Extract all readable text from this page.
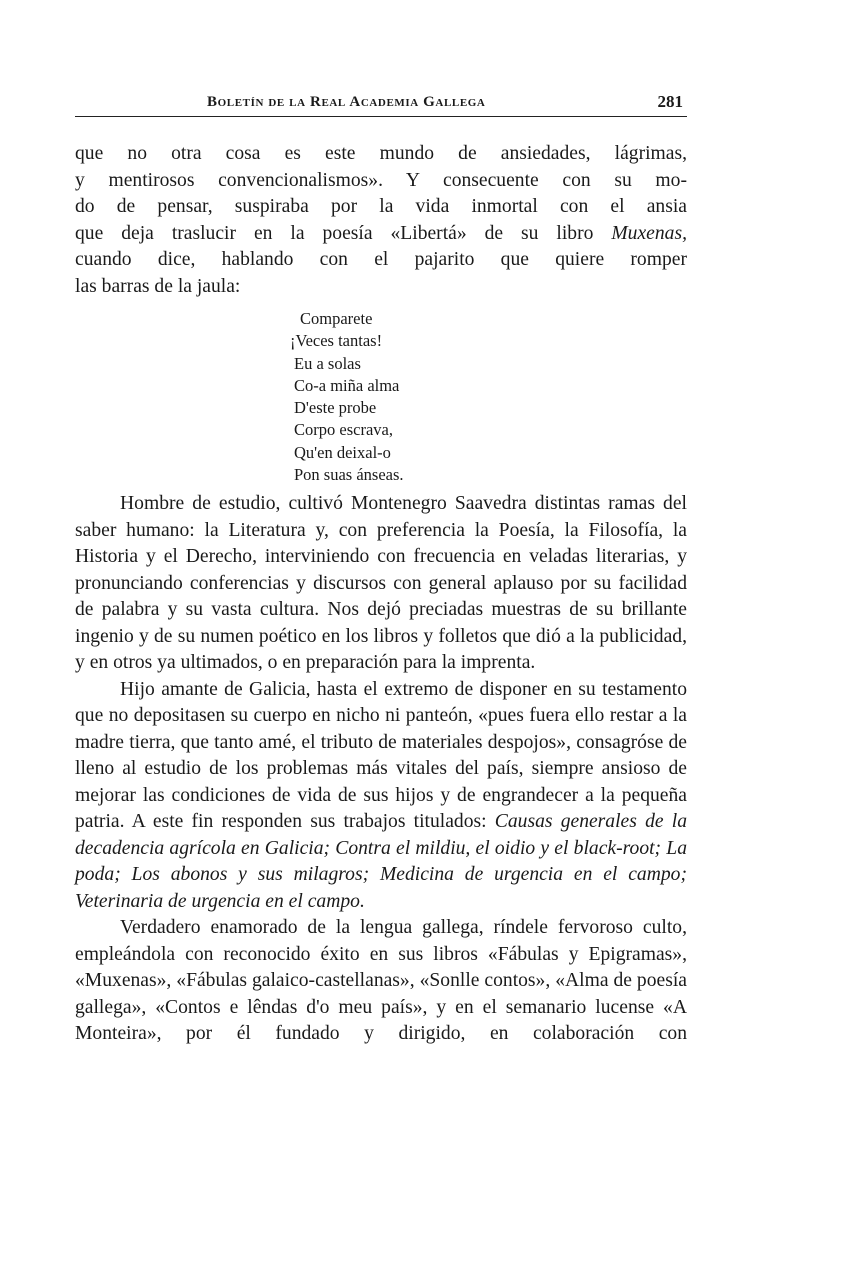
Boletín de la Real Academia Gallega	281

que no otra cosa es este mundo de ansiedades, lágrimas,

y mentirosos convencionalismos». Y consecuente con su mo-

do de pensar, suspiraba por la vida inmortal con el ansia

que deja traslucir en la poesía «Libertá» de su libro Muxenas,

cuando dice, hablando con el pajarito que quiere romper

las barras de la jaula:

Comparete

¡Veces tantas!

Eu a solas

Co-a miña alma

D'este probe

Corpo escrava,

Qu'en deixal-o

Pon suas ánseas.

Hombre de estudio, cultivó Montenegro Saavedra distintas ramas del saber humano: la Literatura y, con preferencia la Poesía, la Filosofía, la Historia y el Derecho, interviniendo con frecuencia en veladas literarias, y pronunciando conferencias y discursos con general aplauso por su facilidad de palabra y su vasta cultura. Nos dejó preciadas muestras de su brillante ingenio y de su numen poético en los libros y folletos que dió a la publicidad, y en otros ya ultimados, o en preparación para la imprenta.

Hijo amante de Galicia, hasta el extremo de disponer en su testamento que no depositasen su cuerpo en nicho ni panteón, «pues fuera ello restar a la madre tierra, que tanto amé, el tributo de materiales despojos», consagróse de lleno al estudio de los problemas más vitales del país, siempre ansioso de mejorar las condiciones de vida de sus hijos y de engrandecer a la pequeña patria. A este fin responden sus trabajos titulados: Causas generales de la decadencia agrícola en Galicia; Contra el mildiu, el oidio y el black-root; La poda; Los abonos y sus milagros; Medicina de urgencia en el campo; Veterinaria de urgencia en el campo.

Verdadero enamorado de la lengua gallega, ríndele fervoroso culto, empleándola con reconocido éxito en sus libros «Fábulas y Epigramas», «Muxenas», «Fábulas galaico-castellanas», «Sonlle contos», «Alma de poesía gallega», «Contos e lêndas d'o meu país», y en el semanario lucense «A Monteira», por él fundado y dirigido, en colaboración con
